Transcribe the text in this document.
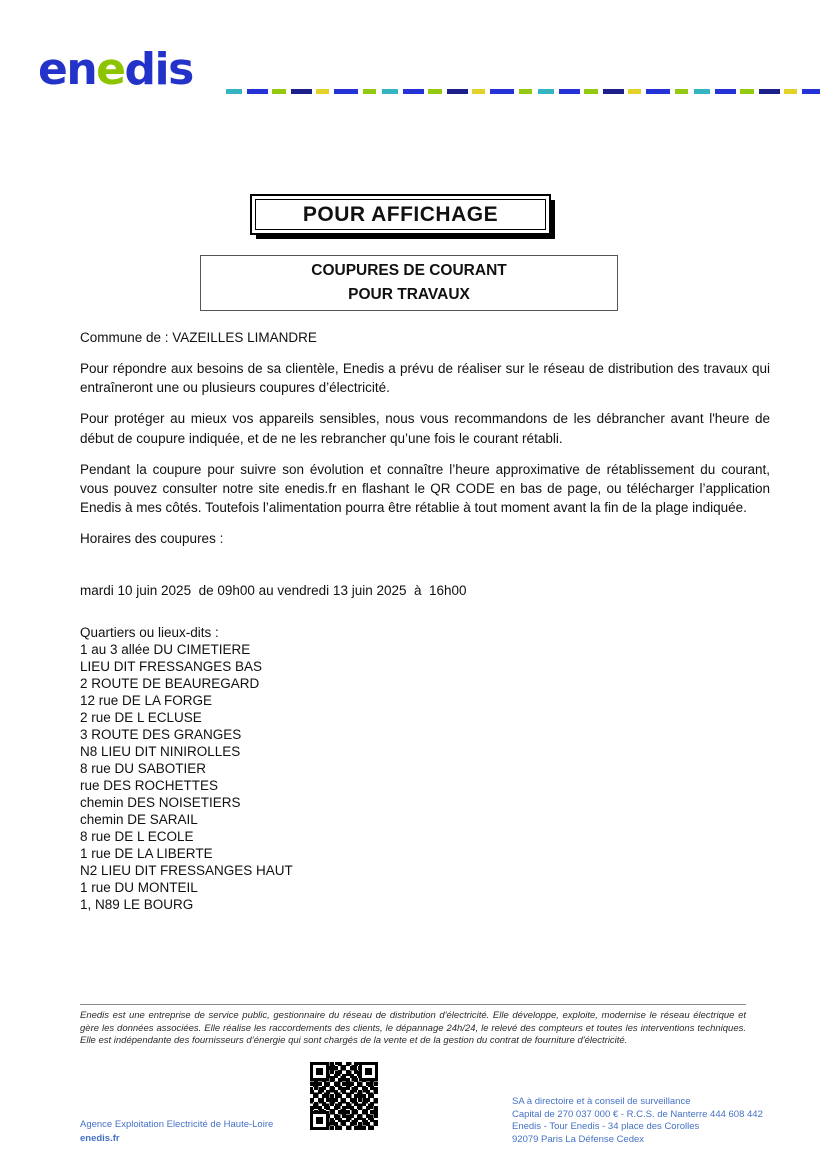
enedis
POUR AFFICHAGE
COUPURES DE COURANT
POUR TRAVAUX

Commune de : VAZEILLES LIMANDRE

Pour répondre aux besoins de sa clientèle, Enedis a prévu de réaliser sur le réseau de distribution des travaux qui entraîneront une ou plusieurs coupures d’électricité.

Pour protéger au mieux vos appareils sensibles, nous vous recommandons de les débrancher avant l'heure de début de coupure indiquée, et de ne les rebrancher qu’une fois le courant rétabli.

Pendant la coupure pour suivre son évolution et connaître l’heure approximative de rétablissement du courant, vous pouvez consulter notre site enedis.fr en flashant le QR CODE en bas de page, ou télécharger l’application Enedis à mes côtés. Toutefois l’alimentation pourra être rétablie à tout moment avant la fin de la plage indiquée.

Horaires des coupures :

mardi 10 juin 2025  de 09h00 au vendredi 13 juin 2025  à  16h00

Quartiers ou lieux-dits :
1 au 3 allée DU CIMETIERE
LIEU DIT FRESSANGES BAS
2 ROUTE DE BEAUREGARD
12 rue DE LA FORGE
2 rue DE L ECLUSE
3 ROUTE DES GRANGES
N8 LIEU DIT NINIROLLES
8 rue DU SABOTIER
rue DES ROCHETTES
chemin DES NOISETIERS
chemin DE SARAIL
8 rue DE L ECOLE
1 rue DE LA LIBERTE
N2 LIEU DIT FRESSANGES HAUT
1 rue DU MONTEIL
1, N89 LE BOURG

Enedis est une entreprise de service public, gestionnaire du réseau de distribution d'électricité. Elle développe, exploite, modernise le réseau électrique et gère les données associées. Elle réalise les raccordements des clients, le dépannage 24h/24, le relevé des compteurs et toutes les interventions techniques. Elle est indépendante des fournisseurs d’énergie qui sont chargés de la vente et de la gestion du contrat de fourniture d'électricité.

Agence Exploitation Electricité de Haute-Loire
enedis.fr
SA à directoire et à conseil de surveillance
Capital de 270 037 000 € - R.C.S. de Nanterre 444 608 442
Enedis - Tour Enedis - 34 place des Corolles
92079 Paris La Défense Cedex
